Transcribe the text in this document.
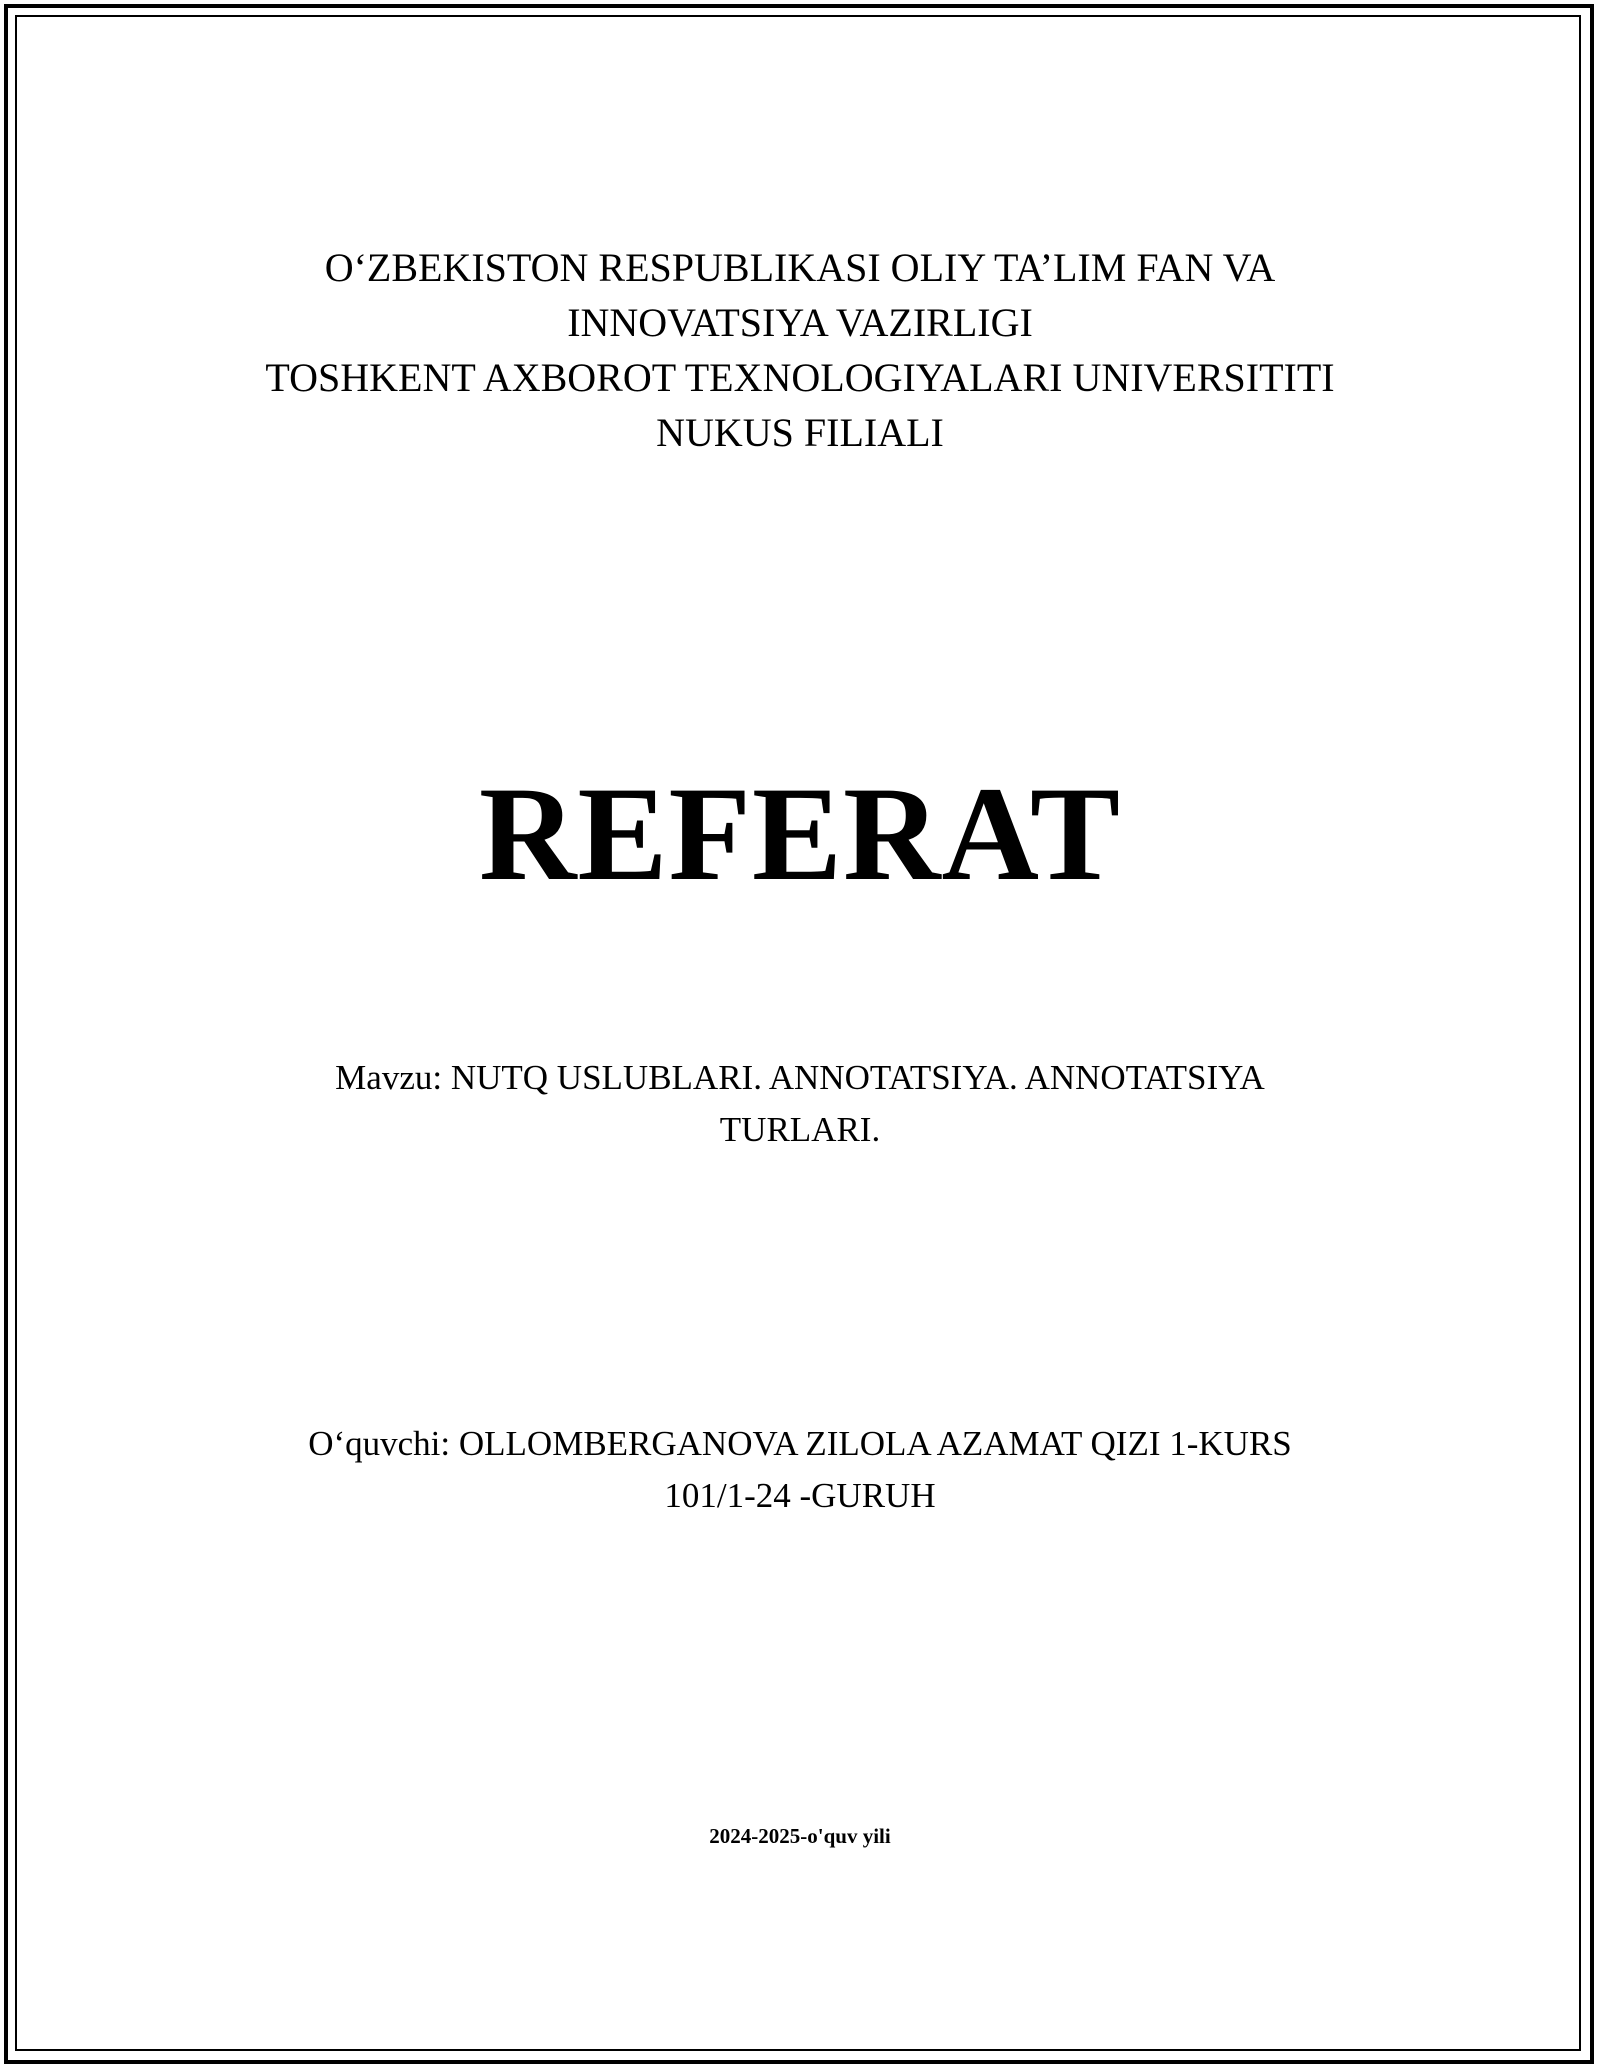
O‘ZBEKISTON RESPUBLIKASI OLIY TA’LIM FAN VA
INNOVATSIYA VAZIRLIGI
TOSHKENT AXBOROT TEXNOLOGIYALARI UNIVERSITITI
NUKUS FILIALI
REFERAT
Mavzu: NUTQ USLUBLARI. ANNOTATSIYA. ANNOTATSIYA
TURLARI.
O‘quvchi: OLLOMBERGANOVA ZILOLA AZAMAT QIZI 1-KURS
101/1-24 -GURUH
2024-2025-o'quv yili
